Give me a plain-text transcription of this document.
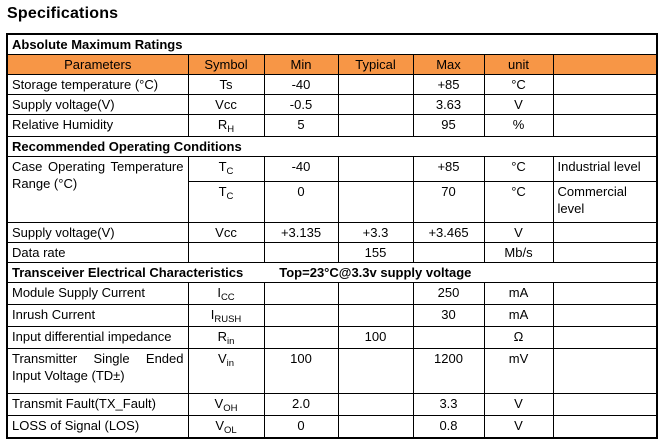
Specifications
Absolute Maximum Ratings						
Parameters	Symbol	Min	Typical	Max	unit	
Storage temperature (°C)	Ts	-40		+85	°C	
Supply voltage(V)	Vcc	-0.5		3.63	V	
Relative Humidity	$R_H$	5		95	%	
Recommended Operating Conditions						
Case Operating Temperature Range (°C)	$T_C$	-40		+85	°C	Industrial level
	$T_C$	0		70	°C	Commercial level
Supply voltage(V)	Vcc	+3.135	+3.3	+3.465	V	
Data rate			155		Mb/s	
Transceiver Electrical Characteristics Top=23°C@3.3v supply voltage						
Module Supply Current	$I_{CC}$			250	mA	
Inrush Current	$I_{RUSH}$			30	mA	
Input differential impedance	$R_{in}$		100		Ω	
Transmitter Single Ended Input Voltage (TD±)	$V_{in}$	100		1200	mV	
Transmit Fault(TX_Fault)	$V_{OH}$	2.0		3.3	V	
LOSS of Signal (LOS)	$V_{OL}$	0		0.8	V	
